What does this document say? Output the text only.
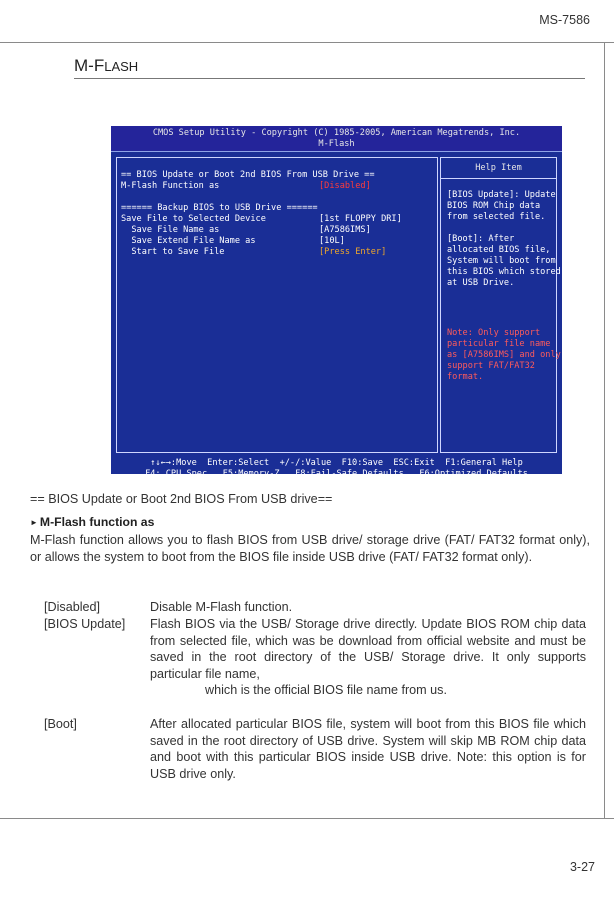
MS-7586
M-FLASH
CMOS Setup Utility - Copyright (C) 1985-2005, American Megatrends, Inc.
M-Flash
== BIOS Update or Boot 2nd BIOS From USB Drive ==
M-Flash Function as	[Disabled]
====== Backup BIOS to USB Drive ======
Save File to Selected Device	[1st FLOPPY DRI]
Save File Name as	[A7586IMS]
Save Extend File Name as	[10L]
Start to Save File	[Press Enter]
Help Item
[BIOS Update]: Update
BIOS ROM Chip data
from selected file.

[Boot]: After
allocated BIOS file,
System will boot from
this BIOS which stored
at USB Drive.
Note: Only support
particular file name
as [A7586IMS] and only
support FAT/FAT32
format.
↑↓←→:Move  Enter:Select  +/-/:Value  F10:Save  ESC:Exit  F1:General Help
F4: CPU Spec   F5:Memory-Z   F8:Fail-Safe Defaults   F6:Optimized Defaults
== BIOS Update or Boot 2nd BIOS From USB drive==
► M-Flash function as
M-Flash function allows you to flash BIOS from USB drive/ storage drive (FAT/ FAT32 format only), or allows the system to boot from the BIOS file inside USB drive (FAT/ FAT32 format only).
[Disabled]	Disable M-Flash function.
[BIOS Update] Flash BIOS via the USB/ Storage drive directly. Update BIOS ROM chip data from selected file, which was be download from official website and must be saved in the root directory of the USB/ Storage drive. It only supports particular file name,
which is the official BIOS file name from us.
[Boot]	After allocated particular BIOS file, system will boot from this BIOS file which saved in the root directory of USB drive. System will skip MB ROM chip data and boot with this particular BIOS inside USB drive. Note: this option is for USB drive only.
3-27
